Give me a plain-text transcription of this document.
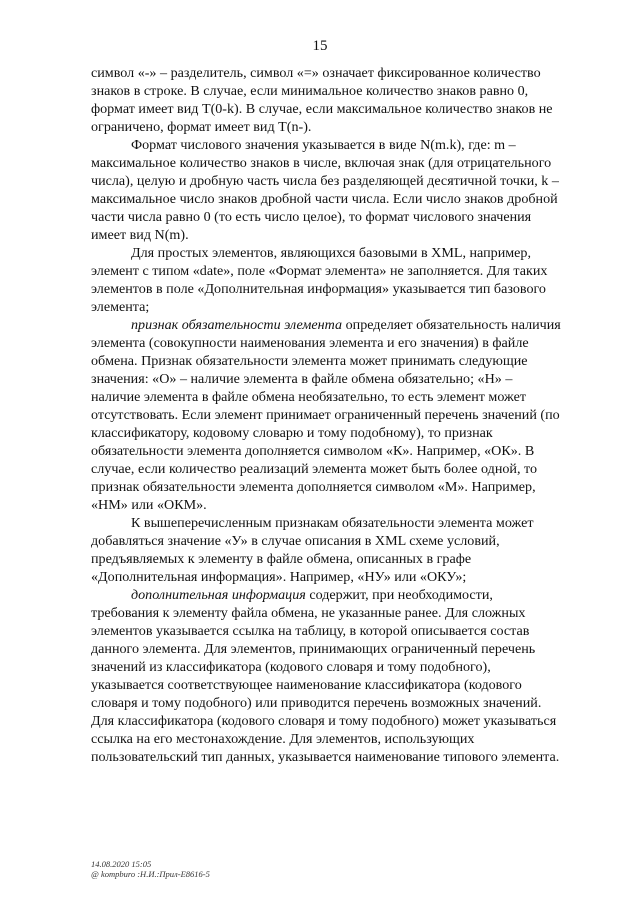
15

символ «-» – разделитель, символ «=» означает фиксированное количество
знаков в строке. В случае, если минимальное количество знаков равно 0,
формат имеет вид T(0-k). В случае, если максимальное количество знаков не
ограничено, формат имеет вид T(n-).

Формат числового значения указывается в виде N(m.k), где: m –
максимальное количество знаков в числе, включая знак (для отрицательного
числа), целую и дробную часть числа без разделяющей десятичной точки, k –
максимальное число знаков дробной части числа. Если число знаков дробной
части числа равно 0 (то есть число целое), то формат числового значения
имеет вид N(m).

Для простых элементов, являющихся базовыми в XML, например,
элемент с типом «date», поле «Формат элемента» не заполняется. Для таких
элементов в поле «Дополнительная информация» указывается тип базового
элемента;

признак обязательности элемента определяет обязательность наличия
элемента (совокупности наименования элемента и его значения) в файле
обмена. Признак обязательности элемента может принимать следующие
значения: «О» – наличие элемента в файле обмена обязательно; «Н» –
наличие элемента в файле обмена необязательно, то есть элемент может
отсутствовать. Если элемент принимает ограниченный перечень значений (по
классификатору, кодовому словарю и тому подобному), то признак
обязательности элемента дополняется символом «К». Например, «ОК». В
случае, если количество реализаций элемента может быть более одной, то
признак обязательности элемента дополняется символом «М». Например,
«НМ» или «ОКМ».

К вышеперечисленным признакам обязательности элемента может
добавляться значение «У» в случае описания в XML схеме условий,
предъявляемых к элементу в файле обмена, описанных в графе
«Дополнительная информация». Например, «НУ» или «ОКУ»;

дополнительная информация содержит, при необходимости,
требования к элементу файла обмена, не указанные ранее. Для сложных
элементов указывается ссылка на таблицу, в которой описывается состав
данного элемента. Для элементов, принимающих ограниченный перечень
значений из классификатора (кодового словаря и тому подобного),
указывается соответствующее наименование классификатора (кодового
словаря и тому подобного) или приводится перечень возможных значений.
Для классификатора (кодового словаря и тому подобного) может указываться
ссылка на его местонахождение. Для элементов, использующих
пользовательский тип данных, указывается наименование типового элемента.

14.08.2020 15:05
@ kompburo :Н.И.:Прил-Е8616-5
